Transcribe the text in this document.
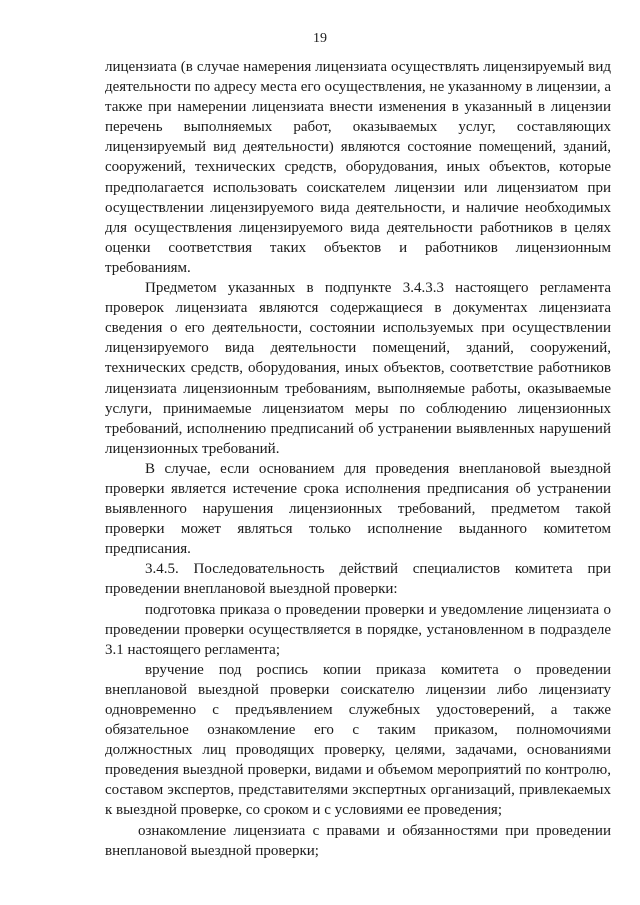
19

лицензиата (в случае намерения лицензиата осуществлять лицензируемый вид деятельности по адресу места его осуществления, не указанному в лицензии, а также при намерении лицензиата внести изменения в указанный в лицензии перечень выполняемых работ, оказываемых услуг, составляющих лицензируемый вид деятельности) являются состояние помещений, зданий, сооружений, технических средств, оборудования, иных объектов, которые предполагается использовать соискателем лицензии или лицензиатом при осуществлении лицензируемого вида деятельности, и наличие необходимых для осуществления лицензируемого вида деятельности работников в целях оценки соответствия таких объектов и работников лицензионным требованиям.

Предметом указанных в подпункте 3.4.3.3 настоящего регламента проверок лицензиата являются содержащиеся в документах лицензиата сведения о его деятельности, состоянии используемых при осуществлении лицензируемого вида деятельности помещений, зданий, сооружений, технических средств, оборудования, иных объектов, соответствие работников лицензиата лицензионным требованиям, выполняемые работы, оказываемые услуги, принимаемые лицензиатом меры по соблюдению лицензионных требований, исполнению предписаний об устранении выявленных нарушений лицензионных требований.

В случае, если основанием для проведения внеплановой выездной проверки является истечение срока исполнения предписания об устранении выявленного нарушения лицензионных требований, предметом такой проверки может являться только исполнение выданного комитетом предписания.

3.4.5. Последовательность действий специалистов комитета при проведении внеплановой выездной проверки:

подготовка приказа о проведении проверки и уведомление лицензиата о проведении проверки осуществляется в порядке, установленном в подразделе 3.1 настоящего регламента;

вручение под роспись копии приказа комитета о проведении внеплановой выездной проверки соискателю лицензии либо лицензиату одновременно с предъявлением служебных удостоверений, а также обязательное ознакомление его с таким приказом, полномочиями должностных лиц проводящих проверку, целями, задачами, основаниями проведения выездной проверки, видами и объемом мероприятий по контролю, составом экспертов, представителями экспертных организаций, привлекаемых к выездной проверке, со сроком и с условиями ее проведения;

ознакомление лицензиата с правами и обязанностями при проведении внеплановой выездной проверки;
